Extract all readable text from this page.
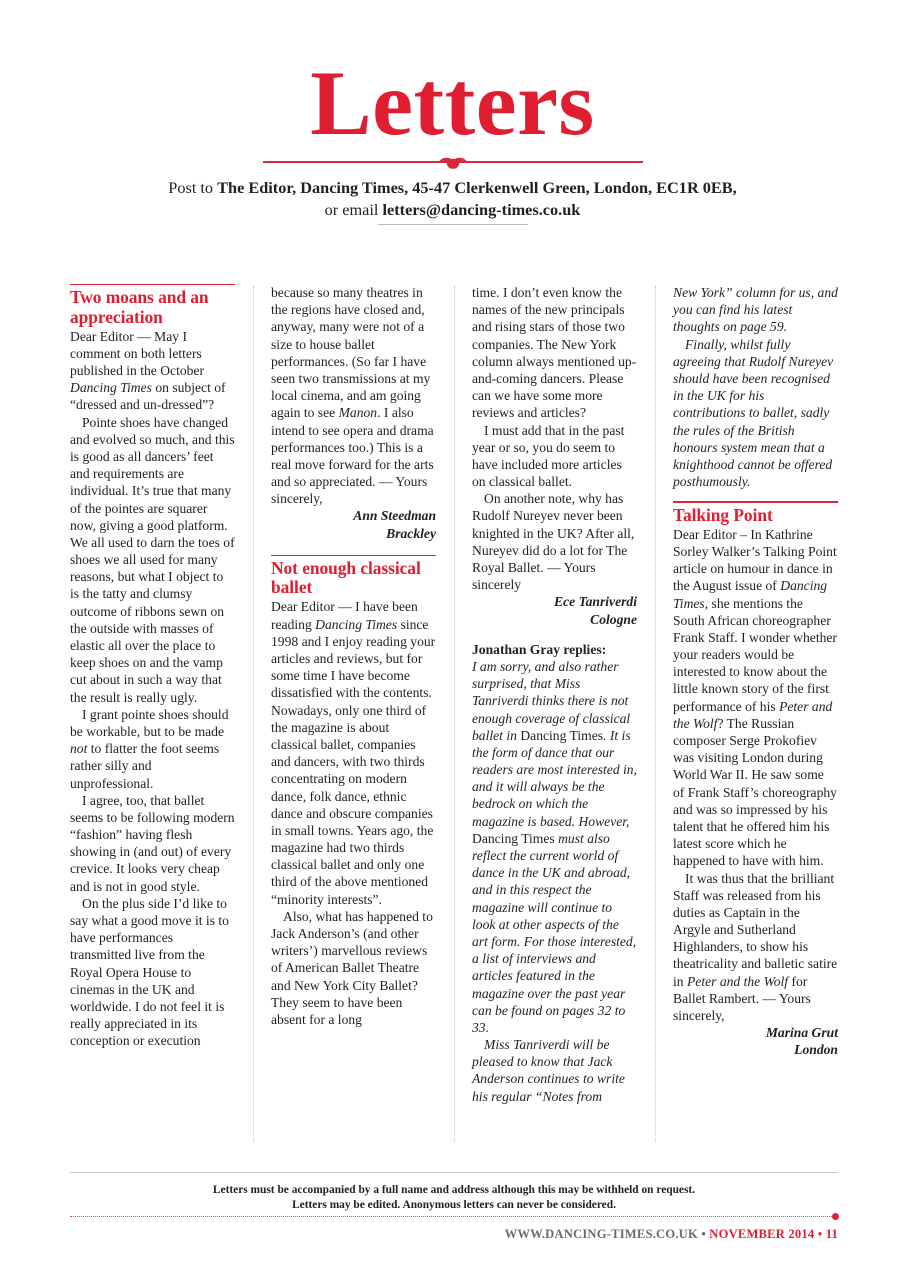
Letters
Post to The Editor, Dancing Times, 45-47 Clerkenwell Green, London, EC1R 0EB,
or email letters@dancing-times.co.uk
Two moans and an appreciation

Dear Editor — May I comment on both letters published in the October Dancing Times on subject of “dressed and un-dressed”?

Pointe shoes have changed and evolved so much, and this is good as all dancers’ feet and requirements are individual. It’s true that many of the pointes are squarer now, giving a good platform. We all used to darn the toes of shoes we all used for many reasons, but what I object to is the tatty and clumsy outcome of ribbons sewn on the outside with masses of elastic all over the place to keep shoes on and the vamp cut about in such a way that the result is really ugly.

I grant pointe shoes should be workable, but to be made not to flatter the foot seems rather silly and unprofessional.

I agree, too, that ballet seems to be following modern “fashion” having flesh showing in (and out) of every crevice. It looks very cheap and is not in good style.

On the plus side I’d like to say what a good move it is to have performances transmitted live from the Royal Opera House to cinemas in the UK and worldwide. I do not feel it is really appreciated in its conception or execution

because so many theatres in the regions have closed and, anyway, many were not of a size to house ballet performances. (So far I have seen two transmissions at my local cinema, and am going again to see Manon. I also intend to see opera and drama performances too.) This is a real move forward for the arts and so appreciated. — Yours sincerely,

Ann Steedman

Brackley

Not enough classical ballet

Dear Editor — I have been reading Dancing Times since 1998 and I enjoy reading your articles and reviews, but for some time I have become dissatisfied with the contents. Nowadays, only one third of the magazine is about classical ballet, companies and dancers, with two thirds concentrating on modern dance, folk dance, ethnic dance and obscure companies in small towns. Years ago, the magazine had two thirds classical ballet and only one third of the above mentioned “minority interests”.

Also, what has happened to Jack Anderson’s (and other writers’) marvellous reviews of American Ballet Theatre and New York City Ballet? They seem to have been absent for a long

time. I don’t even know the names of the new principals and rising stars of those two companies. The New York column always mentioned up-and-coming dancers. Please can we have some more reviews and articles?

I must add that in the past year or so, you do seem to have included more articles on classical ballet.

On another note, why has Rudolf Nureyev never been knighted in the UK? After all, Nureyev did do a lot for The Royal Ballet. — Yours sincerely

Ece Tanriverdi

Cologne

Jonathan Gray replies:

I am sorry, and also rather surprised, that Miss Tanriverdi thinks there is not enough coverage of classical ballet in Dancing Times. It is the form of dance that our readers are most interested in, and it will always be the bedrock on which the magazine is based. However, Dancing Times must also reflect the current world of dance in the UK and abroad, and in this respect the magazine will continue to look at other aspects of the art form. For those interested, a list of interviews and articles featured in the magazine over the past year can be found on pages 32 to 33.

Miss Tanriverdi will be pleased to know that Jack Anderson continues to write his regular “Notes from

New York” column for us, and you can find his latest thoughts on page 59.

Finally, whilst fully agreeing that Rudolf Nureyev should have been recognised in the UK for his contributions to ballet, sadly the rules of the British honours system mean that a knighthood cannot be offered posthumously.

Talking Point

Dear Editor – In Kathrine Sorley Walker’s Talking Point article on humour in dance in the August issue of Dancing Times, she mentions the South African choreographer Frank Staff. I wonder whether your readers would be interested to know about the little known story of the first performance of his Peter and the Wolf? The Russian composer Serge Prokofiev was visiting London during World War II. He saw some of Frank Staff’s choreography and was so impressed by his talent that he offered him his latest score which he happened to have with him.

It was thus that the brilliant Staff was released from his duties as Captain in the Argyle and Sutherland Highlanders, to show his theatricality and balletic satire in Peter and the Wolf for Ballet Rambert. — Yours sincerely,

Marina Grut

London

Letters must be accompanied by a full name and address although this may be withheld on request.
Letters may be edited. Anonymous letters can never be considered.
WWW.DANCING-TIMES.CO.UK • NOVEMBER 2014 • 11
